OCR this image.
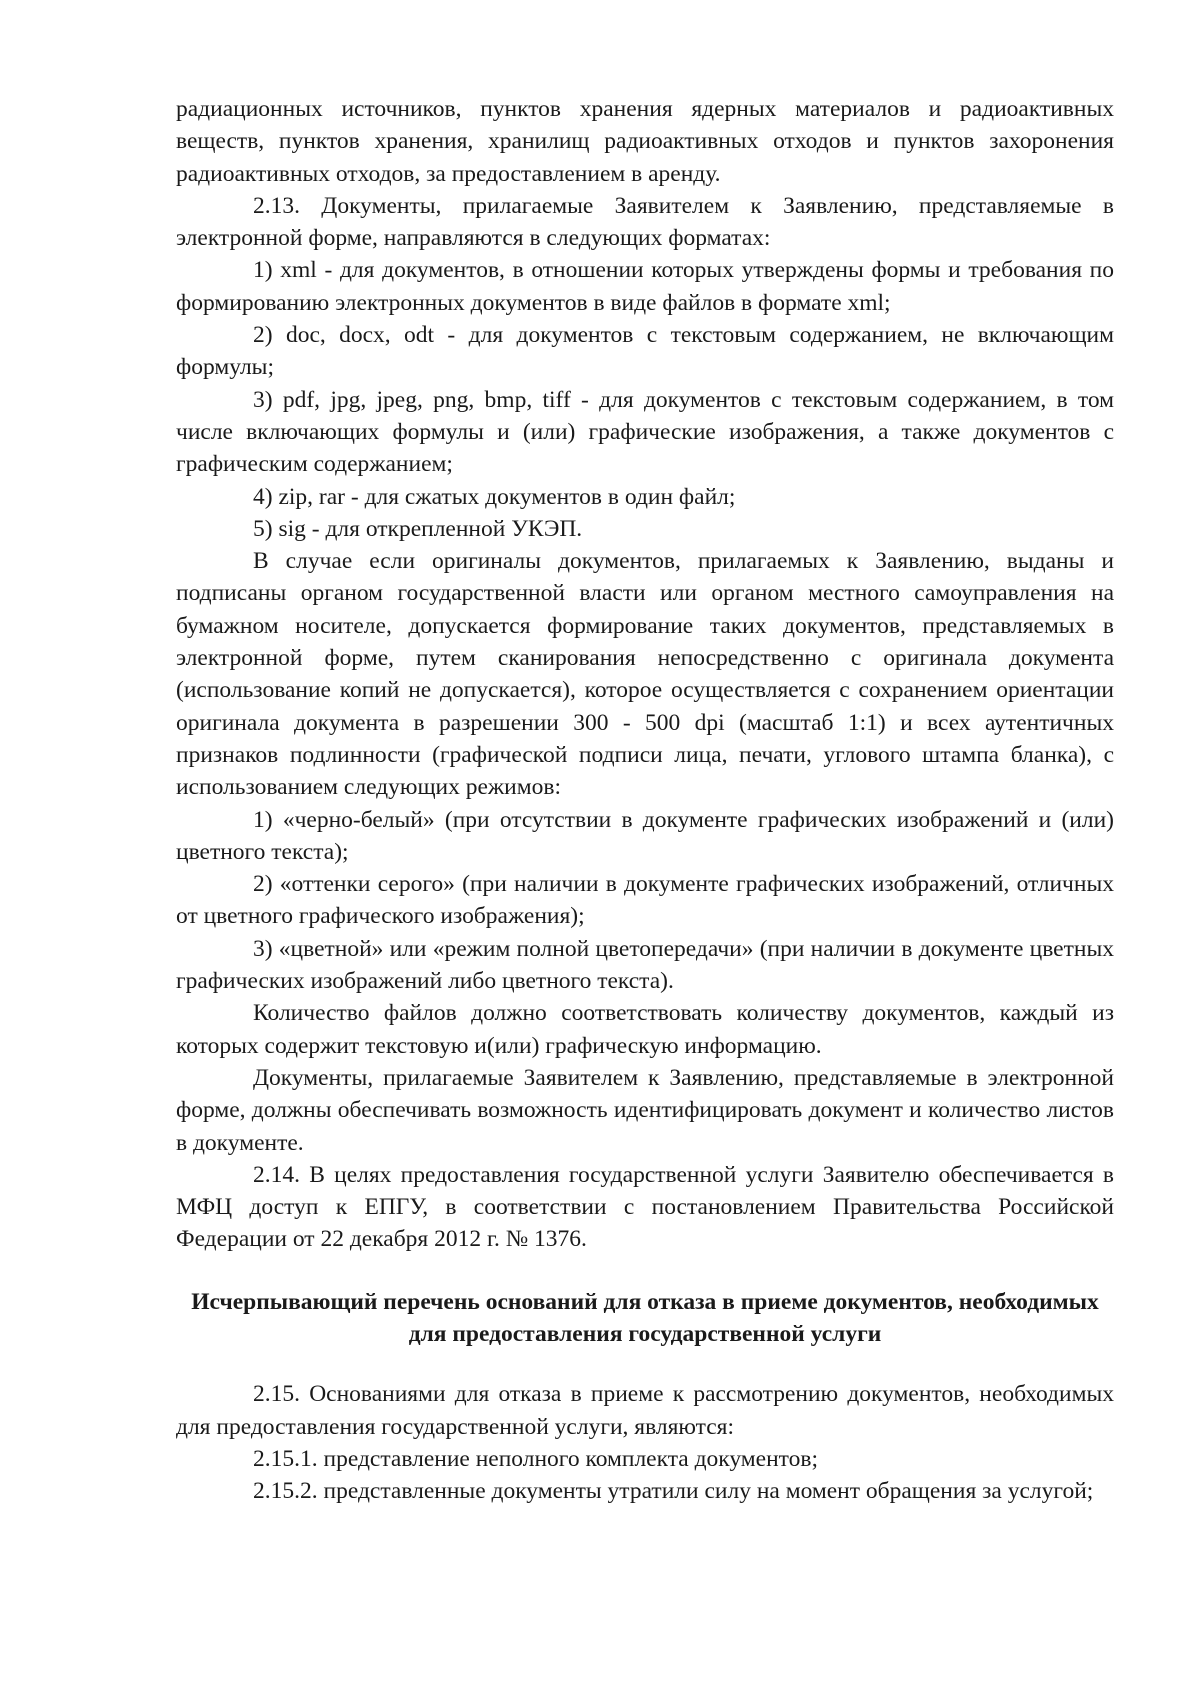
радиационных источников, пунктов хранения ядерных материалов и радиоактивных веществ, пунктов хранения, хранилищ радиоактивных отходов и пунктов захоронения радиоактивных отходов, за предоставлением в аренду.

2.13. Документы, прилагаемые Заявителем к Заявлению, представляемые в электронной форме, направляются в следующих форматах:

1) xml - для документов, в отношении которых утверждены формы и требования по формированию электронных документов в виде файлов в формате xml;

2) doc, docx, odt - для документов с текстовым содержанием, не включающим формулы;

3) pdf, jpg, jpeg, png, bmp, tiff - для документов с текстовым содержанием, в том числе включающих формулы и (или) графические изображения, а также документов с графическим содержанием;

4) zip, rar - для сжатых документов в один файл;

5) sig - для открепленной УКЭП.

В случае если оригиналы документов, прилагаемых к Заявлению, выданы и подписаны органом государственной власти или органом местного самоуправления на бумажном носителе, допускается формирование таких документов, представляемых в электронной форме, путем сканирования непосредственно с оригинала документа (использование копий не допускается), которое осуществляется с сохранением ориентации оригинала документа в разрешении 300 - 500 dpi (масштаб 1:1) и всех аутентичных признаков подлинности (графической подписи лица, печати, углового штампа бланка), с использованием следующих режимов:

1) «черно-белый» (при отсутствии в документе графических изображений и (или) цветного текста);

2) «оттенки серого» (при наличии в документе графических изображений, отличных от цветного графического изображения);

3) «цветной» или «режим полной цветопередачи» (при наличии в документе цветных графических изображений либо цветного текста).

Количество файлов должно соответствовать количеству документов, каждый из которых содержит текстовую и(или) графическую информацию.

Документы, прилагаемые Заявителем к Заявлению, представляемые в электронной форме, должны обеспечивать возможность идентифицировать документ и количество листов в документе.

2.14. В целях предоставления государственной услуги Заявителю обеспечивается в МФЦ доступ к ЕПГУ, в соответствии с постановлением Правительства Российской Федерации от 22 декабря 2012 г. № 1376.

Исчерпывающий перечень оснований для отказа в приеме документов, необходимых для предоставления государственной услуги

2.15. Основаниями для отказа в приеме к рассмотрению документов, необходимых для предоставления государственной услуги, являются:

2.15.1. представление неполного комплекта документов;

2.15.2. представленные документы утратили силу на момент обращения за услугой;
